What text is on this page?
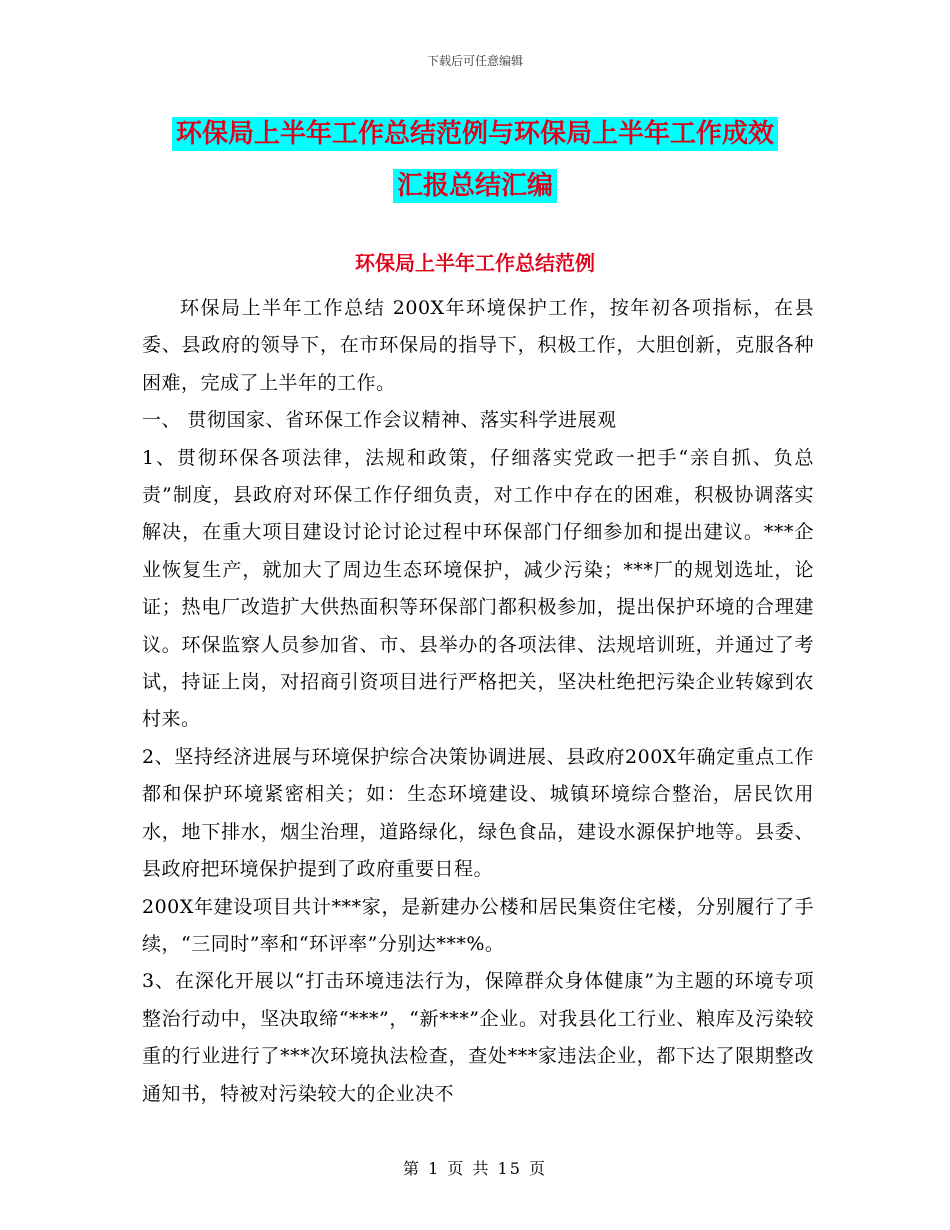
下载后可任意编辑
环保局上半年工作总结范例与环保局上半年工作成效
汇报总结汇编
环保局上半年工作总结范例

环保局上半年工作总结 200X年环境保护工作，按年初各项指标，在县委、县政府的领导下，在市环保局的指导下，积极工作，大胆创新，克服各种困难，完成了上半年的工作。

一、 贯彻国家、省环保工作会议精神、落实科学进展观

1、贯彻环保各项法律，法规和政策，仔细落实党政一把手“亲自抓、负总责”制度，县政府对环保工作仔细负责，对工作中存在的困难，积极协调落实解决，在重大项目建设讨论讨论过程中环保部门仔细参加和提出建议。***企业恢复生产，就加大了周边生态环境保护，减少污染；***厂的规划选址，论证；热电厂改造扩大供热面积等环保部门都积极参加，提出保护环境的合理建议。环保监察人员参加省、市、县举办的各项法律、法规培训班，并通过了考试，持证上岗，对招商引资项目进行严格把关，坚决杜绝把污染企业转嫁到农村来。

2、坚持经济进展与环境保护综合决策协调进展、县政府200X年确定重点工作都和保护环境紧密相关；如：生态环境建设、城镇环境综合整治，居民饮用水，地下排水，烟尘治理，道路绿化，绿色食品，建设水源保护地等。县委、县政府把环境保护提到了政府重要日程。

200X年建设项目共计***家，是新建办公楼和居民集资住宅楼，分别履行了手续，“三同时”率和“环评率”分别达***%。

3、在深化开展以“打击环境违法行为，保障群众身体健康”为主题的环境专项整治行动中，坚决取缔“***”，“新***”企业。对我县化工行业、粮库及污染较重的行业进行了***次环境执法检查，查处***家违法企业，都下达了限期整改通知书，特被对污染较大的企业决不

第 1 页 共 15 页
